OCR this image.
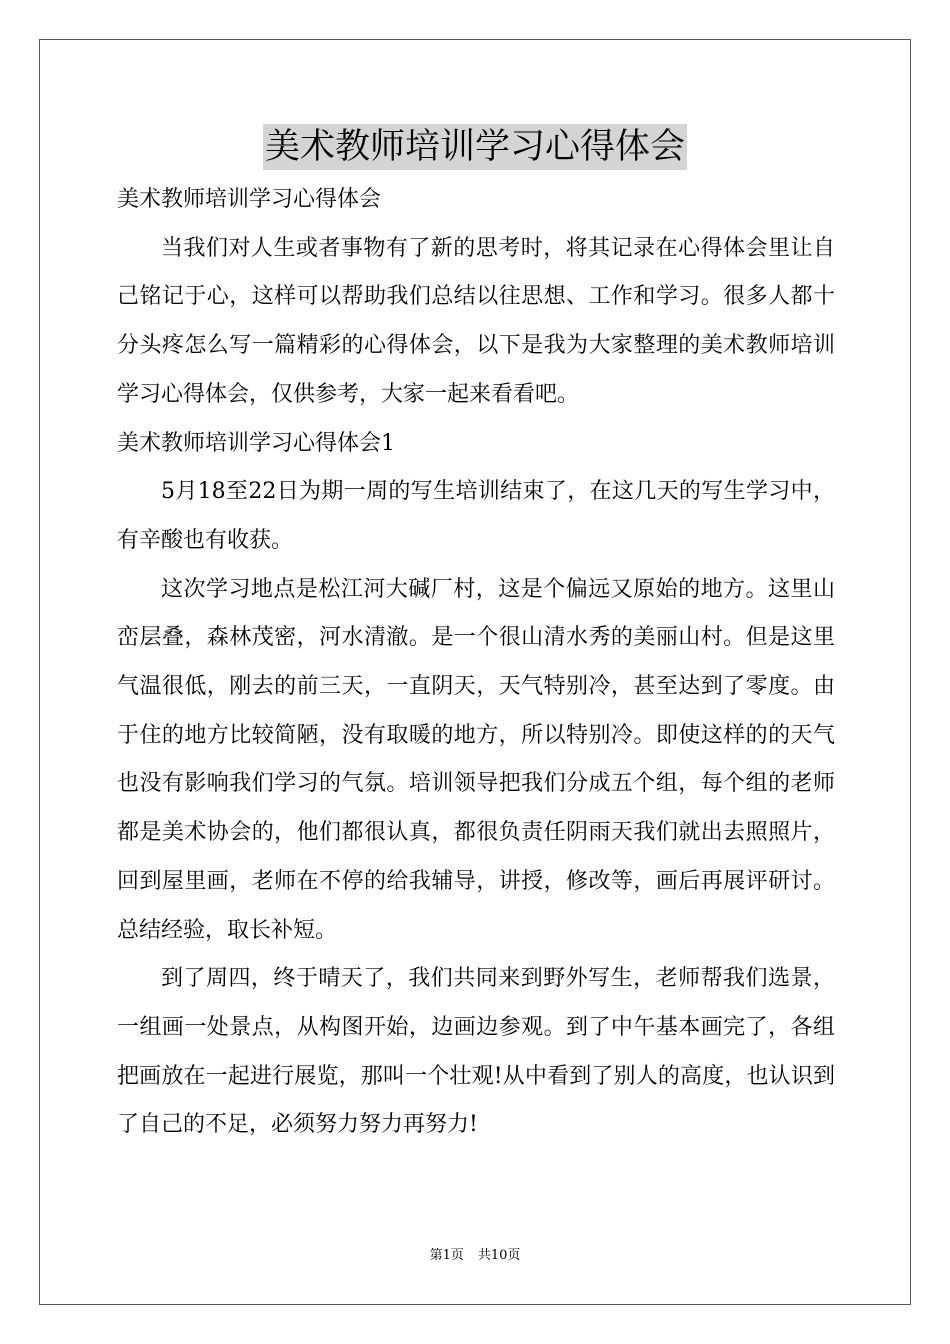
美术教师培训学习心得体会

美术教师培训学习心得体会

当我们对人生或者事物有了新的思考时，将其记录在心得体会里让自己铭记于心，这样可以帮助我们总结以往思想、工作和学习。很多人都十分头疼怎么写一篇精彩的心得体会，以下是我为大家整理的美术教师培训学习心得体会，仅供参考，大家一起来看看吧。

美术教师培训学习心得体会1

5月18至22日为期一周的写生培训结束了，在这几天的写生学习中，有辛酸也有收获。

这次学习地点是松江河大碱厂村，这是个偏远又原始的地方。这里山峦层叠，森林茂密，河水清澈。是一个很山清水秀的美丽山村。但是这里气温很低，刚去的前三天，一直阴天，天气特别冷，甚至达到了零度。由于住的地方比较简陋，没有取暖的地方，所以特别冷。即使这样的的天气也没有影响我们学习的气氛。培训领导把我们分成五个组，每个组的老师都是美术协会的，他们都很认真，都很负责任阴雨天我们就出去照照片，回到屋里画，老师在不停的给我辅导，讲授，修改等，画后再展评研讨。总结经验，取长补短。

到了周四，终于晴天了，我们共同来到野外写生，老师帮我们选景，一组画一处景点，从构图开始，边画边参观。到了中午基本画完了，各组把画放在一起进行展览，那叫一个壮观!从中看到了别人的高度，也认识到了自己的不足，必须努力努力再努力!

第1页 共10页
